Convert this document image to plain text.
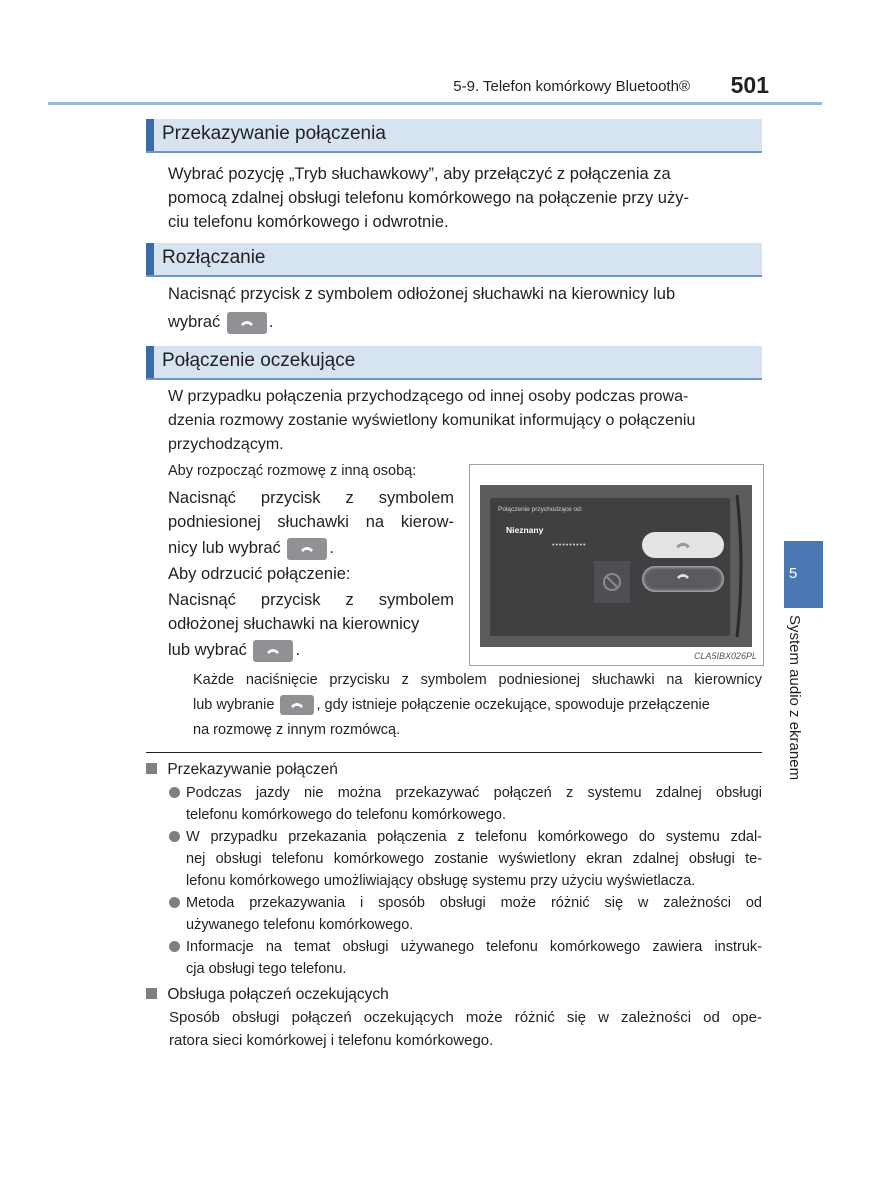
5-9. Telefon komórkowy Bluetooth® 501
5
System audio z ekranem
Przekazywanie połączenia
Wybrać pozycję „Tryb słuchawkowy”, aby przełączyć z połączenia za
pomocą zdalnej obsługi telefonu komórkowego na połączenie przy uży-
ciu telefonu komórkowego i odwrotnie.
Rozłączanie
Nacisnąć przycisk z symbolem odłożonej słuchawki na kierownicy lub
wybrać	.
Połączenie oczekujące
W przypadku połączenia przychodzącego od innej osoby podczas prowa-
dzenia rozmowy zostanie wyświetlony komunikat informujący o połączeniu
przychodzącym.
Aby rozpocząć rozmowę z inną osobą:
Nacisnąć przycisk z symbolem
podniesionej słuchawki na kierow-
nicy lub wybrać	.
Aby odrzucić połączenie:
Nacisnąć przycisk z symbolem
odłożonej słuchawki na kierownicy
lub wybrać	.
Połączenie przychodzące od:
Nieznany
••••••••••
CLA5IBX026PL
Każde naciśnięcie przycisku z symbolem podniesionej słuchawki na kierownicy
lub wybranie	, gdy istnieje połączenie oczekujące, spowoduje przełączenie
na rozmowę z innym rozmówcą.
Przekazywanie połączeń
Podczas jazdy nie można przekazywać połączeń z systemu zdalnej obsługi
telefonu komórkowego do telefonu komórkowego.
W przypadku przekazania połączenia z telefonu komórkowego do systemu zdal-
nej obsługi telefonu komórkowego zostanie wyświetlony ekran zdalnej obsługi te-
lefonu komórkowego umożliwiający obsługę systemu przy użyciu wyświetlacza.
Metoda przekazywania i sposób obsługi może różnić się w zależności od
używanego telefonu komórkowego.
Informacje na temat obsługi używanego telefonu komórkowego zawiera instruk-
cja obsługi tego telefonu.
Obsługa połączeń oczekujących
Sposób obsługi połączeń oczekujących może różnić się w zależności od ope-
ratora sieci komórkowej i telefonu komórkowego.
